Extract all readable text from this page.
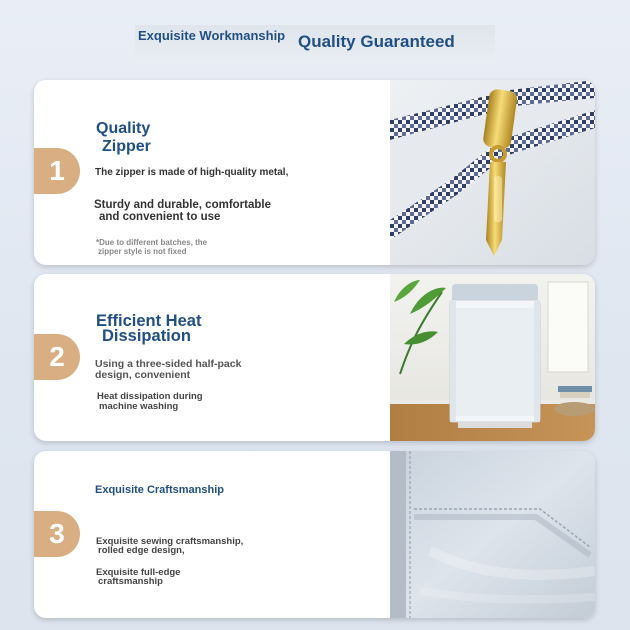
Exquisite Workmanship Quality Guaranteed
1
Quality
Zipper
The zipper is made of high-quality metal,
Sturdy and durable, comfortable
and convenient to use
*Due to different batches, the
zipper style is not fixed
2
Efficient Heat
Dissipation
Using a three-sided half-pack
design, convenient
Heat dissipation during
machine washing
3
Exquisite Craftsmanship
Exquisite sewing craftsmanship,
rolled edge design,
Exquisite full-edge
craftsmanship
